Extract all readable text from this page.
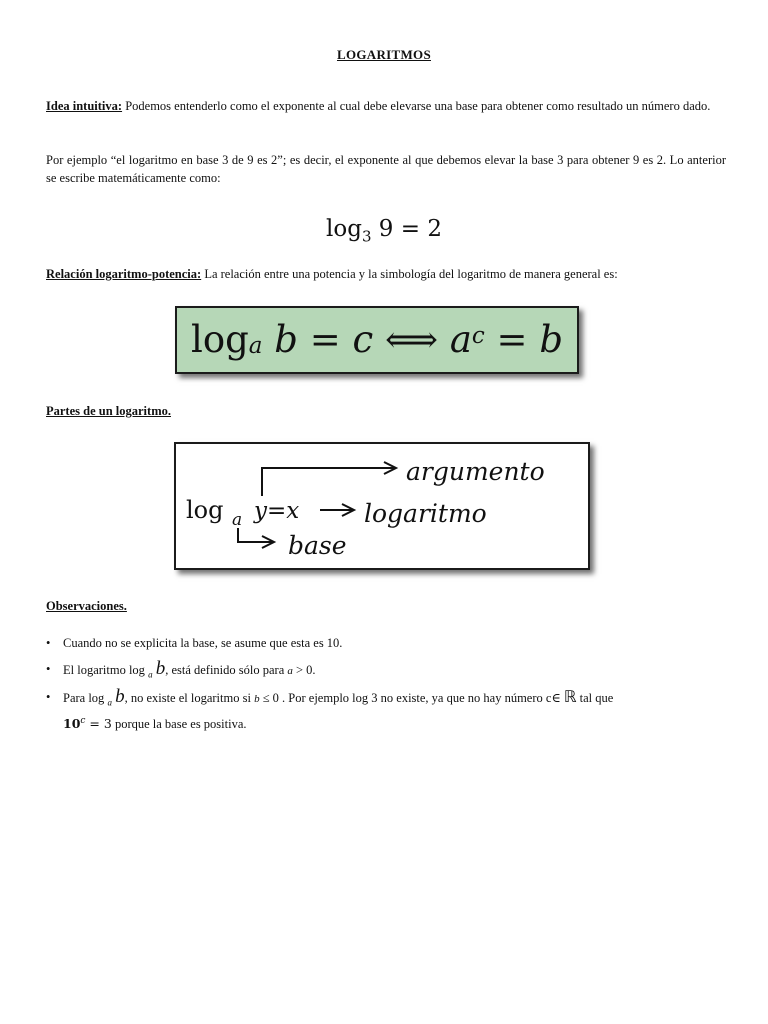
LOGARITMOS

Idea intuitiva: Podemos entenderlo como el exponente al cual debe elevarse una base para obtener como resultado un número dado.

Por ejemplo “el logaritmo en base 3 de 9 es 2”; es decir, el exponente al que debemos elevar la base 3 para obtener 9 es 2. Lo anterior se escribe matemáticamente como:

$\log_3 9 = 2$

Relación logaritmo-potencia: La relación entre una potencia y la simbología del logaritmo de manera general es:

$\log_a$
b
=
c
⟺
$a^c$
=
b
Partes de un logaritmo.
log a y=x
argumento
logaritmo
base
Observaciones.
• Cuando no se explicita la base, se asume que esta es 10.
• El logaritmo log $_a$ b, está definido sólo para a > 0.
• Para log $_a$ b, no existe el logaritmo si b ≤ 0 . Por ejemplo log 3 no existe, ya que no hay número c∈ ℝ tal que
$10^c = 3$ porque la base es positiva.
